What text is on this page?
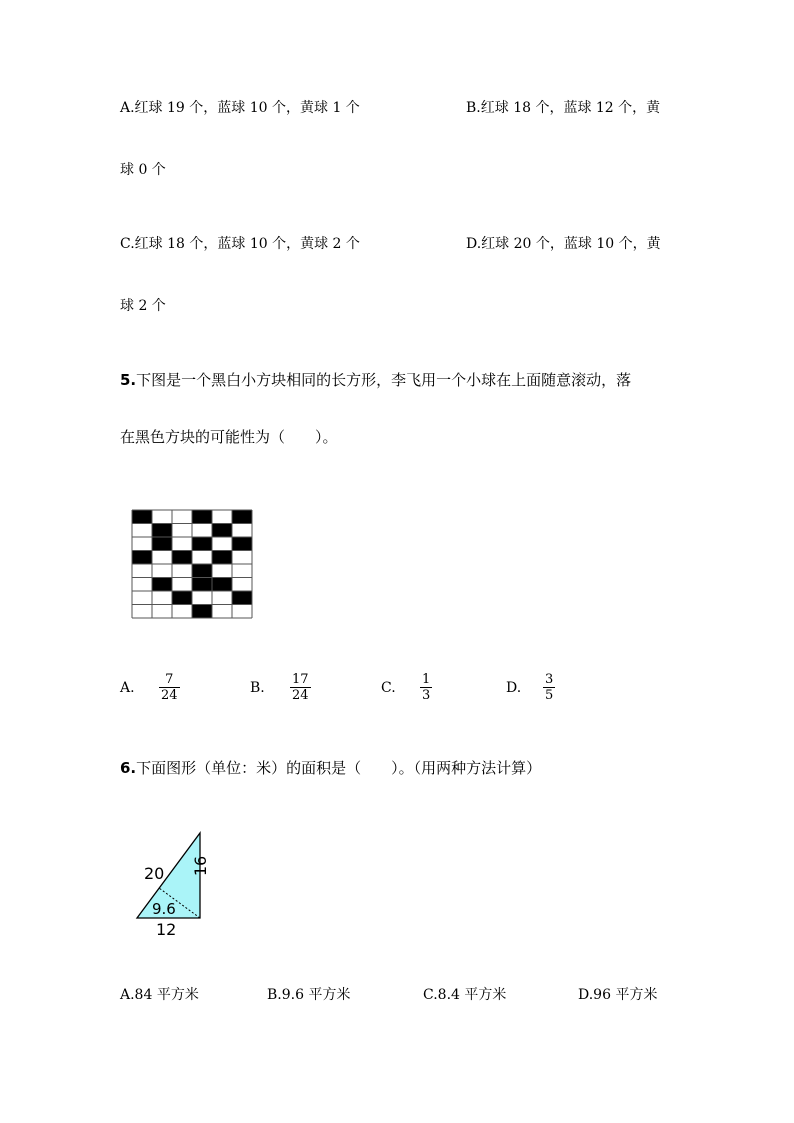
A.红球 19 个，蓝球 10 个，黄球 1 个	B.红球 18 个，蓝球 12 个，黄
球 0 个
C.红球 18 个，蓝球 10 个，黄球 2 个	D.红球 20 个，蓝球 10 个，黄
球 2 个
5.下图是一个黑白小方块相同的长方形，李飞用一个小球在上面随意滚动，落
在黑色方块的可能性为（　　）。
A.
7
24	B.
17
24	C.
1
3	D.
3
5
6.下面图形（单位：米）的面积是（　　）。（用两种方法计算）
20 16
9.6
12
A.84 平方米	B.9.6 平方米	C.8.4 平方米	D.96 平方米
